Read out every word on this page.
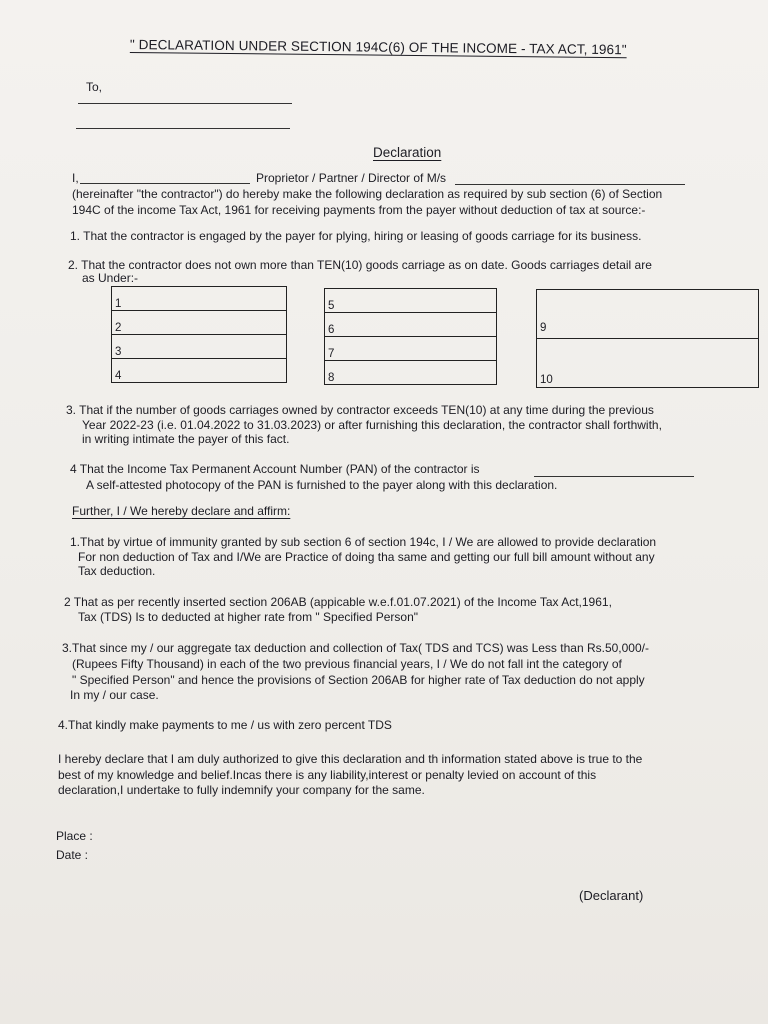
" DECLARATION UNDER SECTION 194C(6) OF THE INCOME - TAX ACT, 1961"
To,
Declaration
I,	Proprietor / Partner / Director of M/s
(hereinafter "the contractor") do hereby make the following declaration as required by sub section (6) of Section
194C of the income Tax Act, 1961 for receiving payments from the payer without deduction of tax at source:-
1. That the contractor is engaged by the payer for plying, hiring or leasing of goods carriage for its business.
2. That the contractor does not own more than TEN(10) goods carriage as on date. Goods carriages detail are
as Under:-
1
2
3
4
5
6
7
8
9
10
3. That if the number of goods carriages owned by contractor exceeds TEN(10) at any time during the previous
Year 2022-23 (i.e. 01.04.2022 to 31.03.2023) or after furnishing this declaration, the contractor shall forthwith,
in writing intimate the payer of this fact.
4 That the Income Tax Permanent Account Number (PAN) of the contractor is
A self-attested photocopy of the PAN is furnished to the payer along with this declaration.
Further, I / We hereby declare and affirm:
1.That by virtue of immunity granted by sub section 6 of section 194c, I / We are allowed to provide declaration
For non deduction of Tax and I/We are Practice of doing tha same and getting our full bill amount without any
Tax deduction.
2 That as per recently inserted section 206AB (appicable w.e.f.01.07.2021) of the Income Tax Act,1961,
Tax (TDS) Is to deducted at higher rate from " Specified Person"
3.That since my / our aggregate tax deduction and collection of Tax( TDS and TCS) was Less than Rs.50,000/-
(Rupees Fifty Thousand) in each of the two previous financial years, I / We do not fall int the category of
" Specified Person" and hence the provisions of Section 206AB for higher rate of Tax deduction do not apply
In my / our case.
4.That kindly make payments to me / us with zero percent TDS
I hereby declare that I am duly authorized to give this declaration and th information stated above is true to the
best of my knowledge and belief.Incas there is any liability,interest or penalty levied on account of this
declaration,I undertake to fully indemnify your company for the same.
Place :
Date :
(Declarant)
